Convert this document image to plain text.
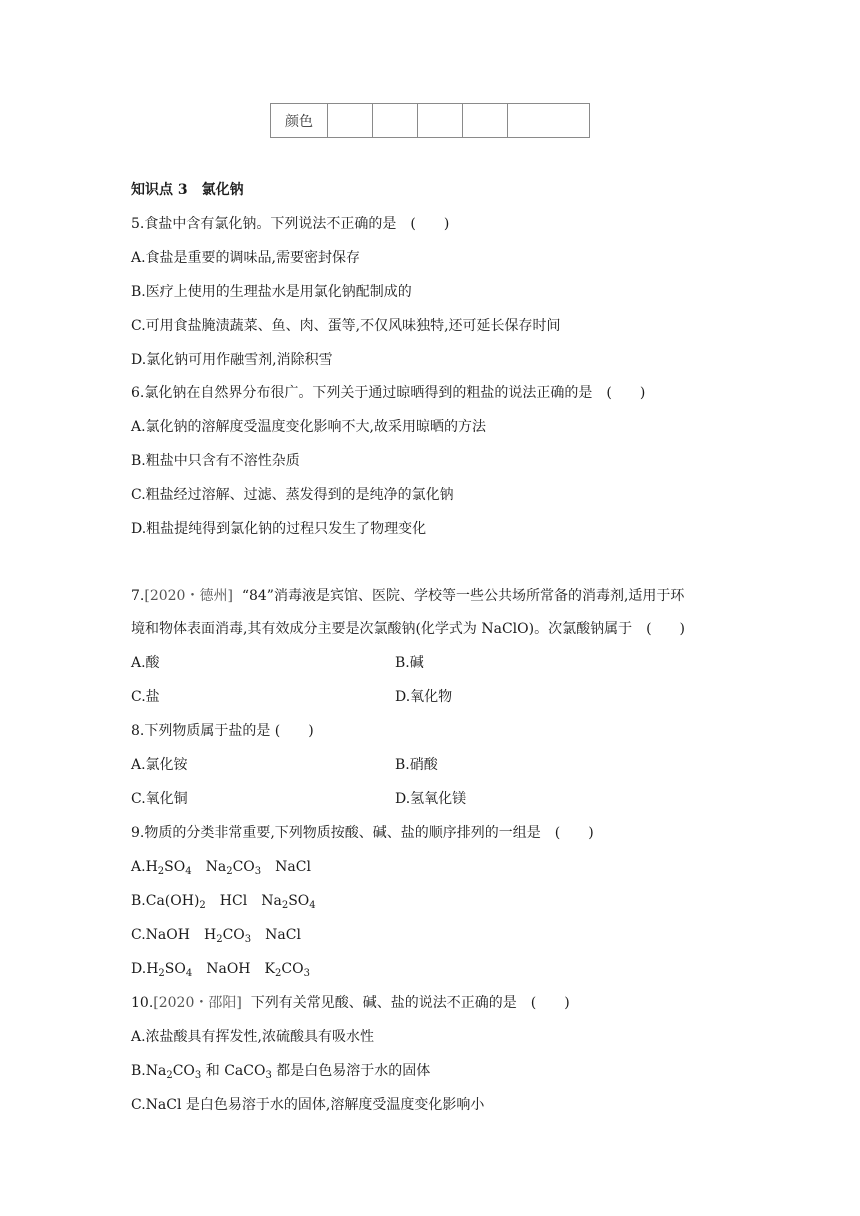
颜色					
知识点 3　氯化钠
5.食盐中含有氯化钠。下列说法不正确的是　(　　)
A.食盐是重要的调味品,需要密封保存
B.医疗上使用的生理盐水是用氯化钠配制成的
C.可用食盐腌渍蔬菜、鱼、肉、蛋等,不仅风味独特,还可延长保存时间
D.氯化钠可用作融雪剂,消除积雪
6.氯化钠在自然界分布很广。下列关于通过晾晒得到的粗盐的说法正确的是　(　　)
A.氯化钠的溶解度受温度变化影响不大,故采用晾晒的方法
B.粗盐中只含有不溶性杂质
C.粗盐经过溶解、过滤、蒸发得到的是纯净的氯化钠
D.粗盐提纯得到氯化钠的过程只发生了物理变化
7.[2020・德州] “84”消毒液是宾馆、医院、学校等一些公共场所常备的消毒剂,适用于环
境和物体表面消毒,其有效成分主要是次氯酸钠(化学式为 NaClO)。次氯酸钠属于　(　　)
A.酸	B.碱
C.盐	D.氧化物
8.下列物质属于盐的是 (　　)
A.氯化铵	B.硝酸
C.氧化铜	D.氢氧化镁
9.物质的分类非常重要,下列物质按酸、碱、盐的顺序排列的一组是　(　　)
$A.H_2SO_4$ $Na_2CO_3$ NaCl
$B.Ca(OH)_2$ HCl $Na_2SO_4$
C.NaOH $H_2CO_3$ NaCl
$D.H_2SO_4$ NaOH $K_2CO_3$
10.[2020・邵阳] 下列有关常见酸、碱、盐的说法不正确的是　(　　)
A.浓盐酸具有挥发性,浓硫酸具有吸水性
$B.Na_2CO_3$ 和 CaCO$_3$ 都是白色易溶于水的固体
C.NaCl 是白色易溶于水的固体,溶解度受温度变化影响小
